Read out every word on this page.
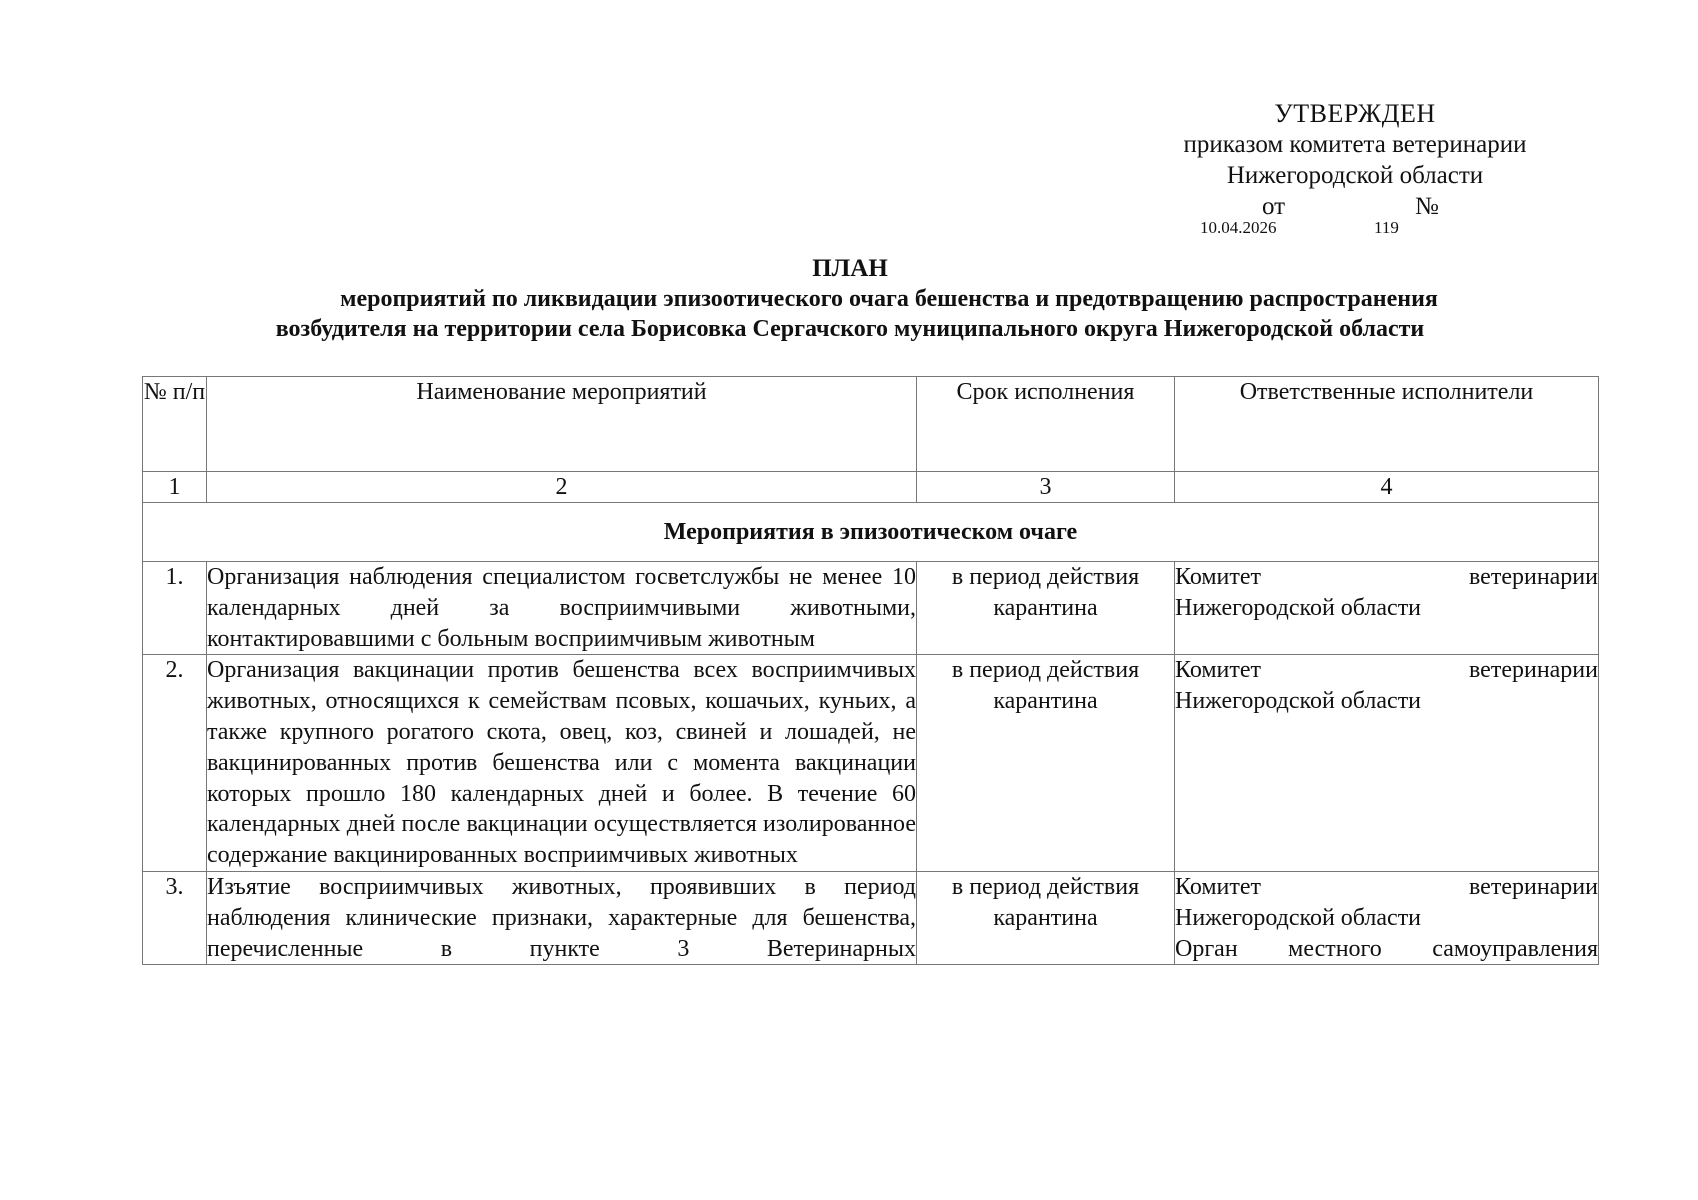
УТВЕРЖДЕН
приказом комитета ветеринарии
Нижегородской области
от	№
10.04.2026	119
ПЛАН
мероприятий по ликвидации эпизоотического очага бешенства и предотвращению распространения
возбудителя на территории села Борисовка Сергачского муниципального округа Нижегородской области
№ п/п	Наименование мероприятий	Срок исполнения	Ответственные исполнители
1	2	3	4
Мероприятия в эпизоотическом очаге			
1.	Организация наблюдения специалистом госветслужбы не менее 10 календарных дней за восприимчивыми животными, контактировавшими с больным восприимчивым животным	в период действия карантина	Комитет ветеринарии
Нижегородской области

2.	Организация вакцинации против бешенства всех восприимчивых животных, относящихся к семействам псовых, кошачьих, куньих, а также крупного рогатого скота, овец, коз, свиней и лошадей, не вакцинированных против бешенства или с момента вакцинации которых прошло 180 календарных дней и более. В течение 60 календарных дней после вакцинации осуществляется изолированное содержание вакцинированных восприимчивых животных	в период действия карантина	Комитет ветеринарии
Нижегородской области

3.	Изъятие восприимчивых животных, проявивших в период наблюдения клинические признаки, характерные для бешенства, перечисленные в пункте 3 Ветеринарных	в период действия карантина	Комитет ветеринарии
Нижегородской области
Орган местного самоуправления
